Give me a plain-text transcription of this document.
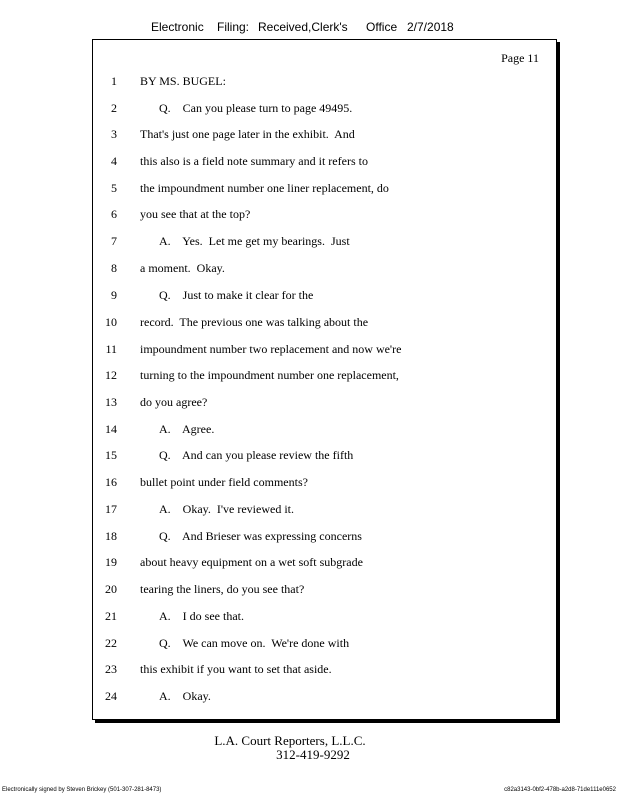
Electronic Filing: Received,Clerk's Office 2/7/2018
Page 11
1 BY MS. BUGEL:
2	Q.    Can you please turn to page 49495.
3 That's just one page later in the exhibit.  And
4 this also is a field note summary and it refers to
5 the impoundment number one liner replacement, do
6 you see that at the top?
7	A.    Yes.  Let me get my bearings.  Just
8 a moment.  Okay.
9	Q.    Just to make it clear for the
10 record.  The previous one was talking about the
11 impoundment number two replacement and now we're
12 turning to the impoundment number one replacement,
13 do you agree?
14	A.    Agree.
15	Q.    And can you please review the fifth
16 bullet point under field comments?
17	A.    Okay.  I've reviewed it.
18	Q.    And Brieser was expressing concerns
19 about heavy equipment on a wet soft subgrade
20 tearing the liners, do you see that?
21	A.    I do see that.
22	Q.    We can move on.  We're done with
23 this exhibit if you want to set that aside.
24	A.    Okay.
L.A. Court Reporters, L.L.C.
312-419-9292
Electronically signed by Steven Brickey (501-307-281-8473)	c82a3143-0bf2-478b-a2d8-71de111e0652
